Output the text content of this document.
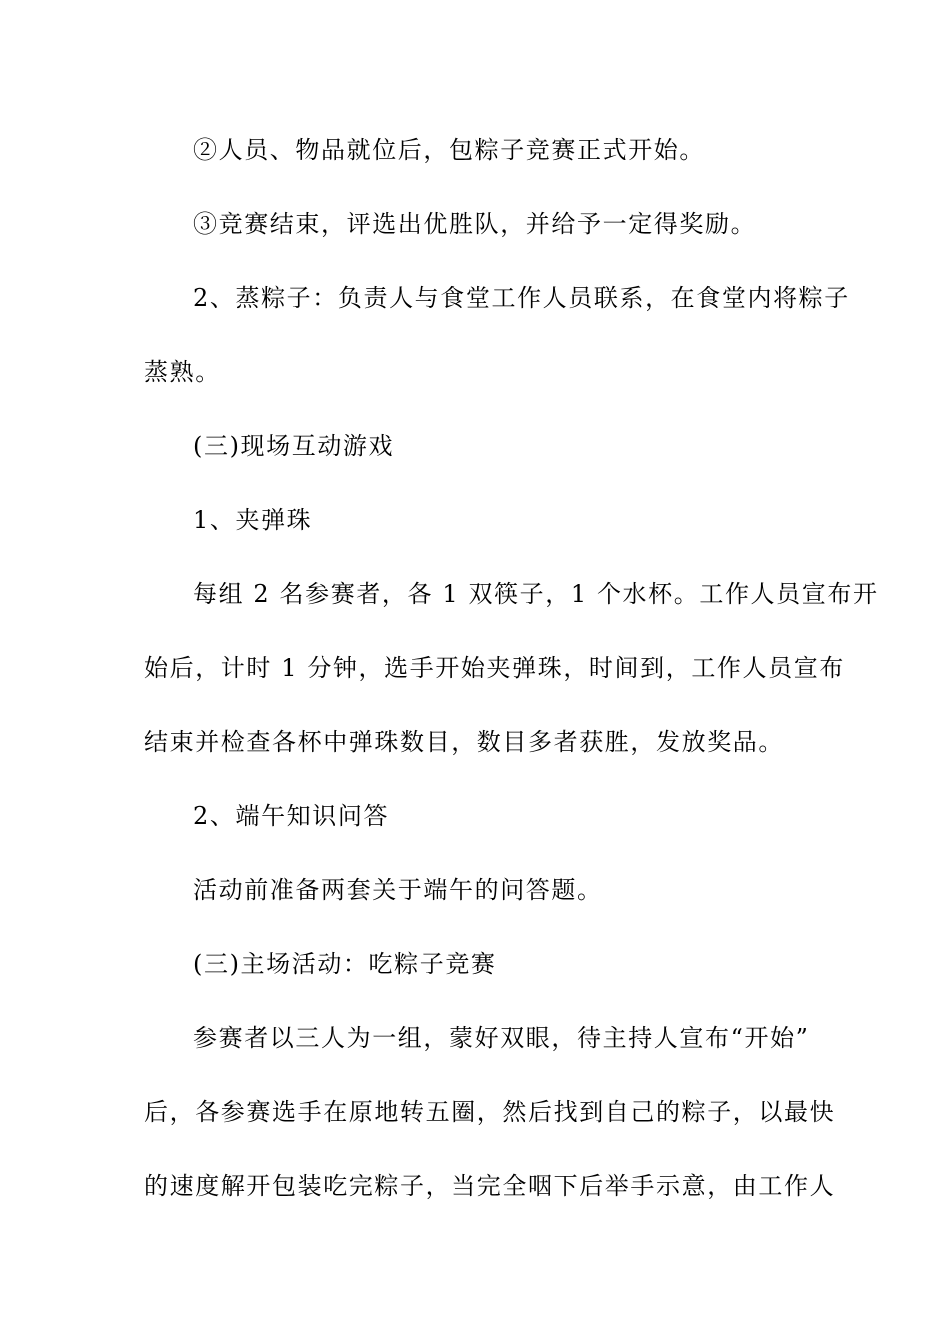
②人员、物品就位后，包粽子竞赛正式开始。
③竞赛结束，评选出优胜队，并给予一定得奖励。
2、蒸粽子：负责人与食堂工作人员联系，在食堂内将粽子
蒸熟。
(三)现场互动游戏
1、夹弹珠
每组 2 名参赛者，各 1 双筷子，1 个水杯。工作人员宣布开
始后，计时 1 分钟，选手开始夹弹珠，时间到，工作人员宣布
结束并检查各杯中弹珠数目，数目多者获胜，发放奖品。
2、端午知识问答
活动前准备两套关于端午的问答题。
(三)主场活动：吃粽子竞赛
参赛者以三人为一组，蒙好双眼，待主持人宣布“开始”
后，各参赛选手在原地转五圈，然后找到自己的粽子，以最快
的速度解开包装吃完粽子，当完全咽下后举手示意，由工作人
